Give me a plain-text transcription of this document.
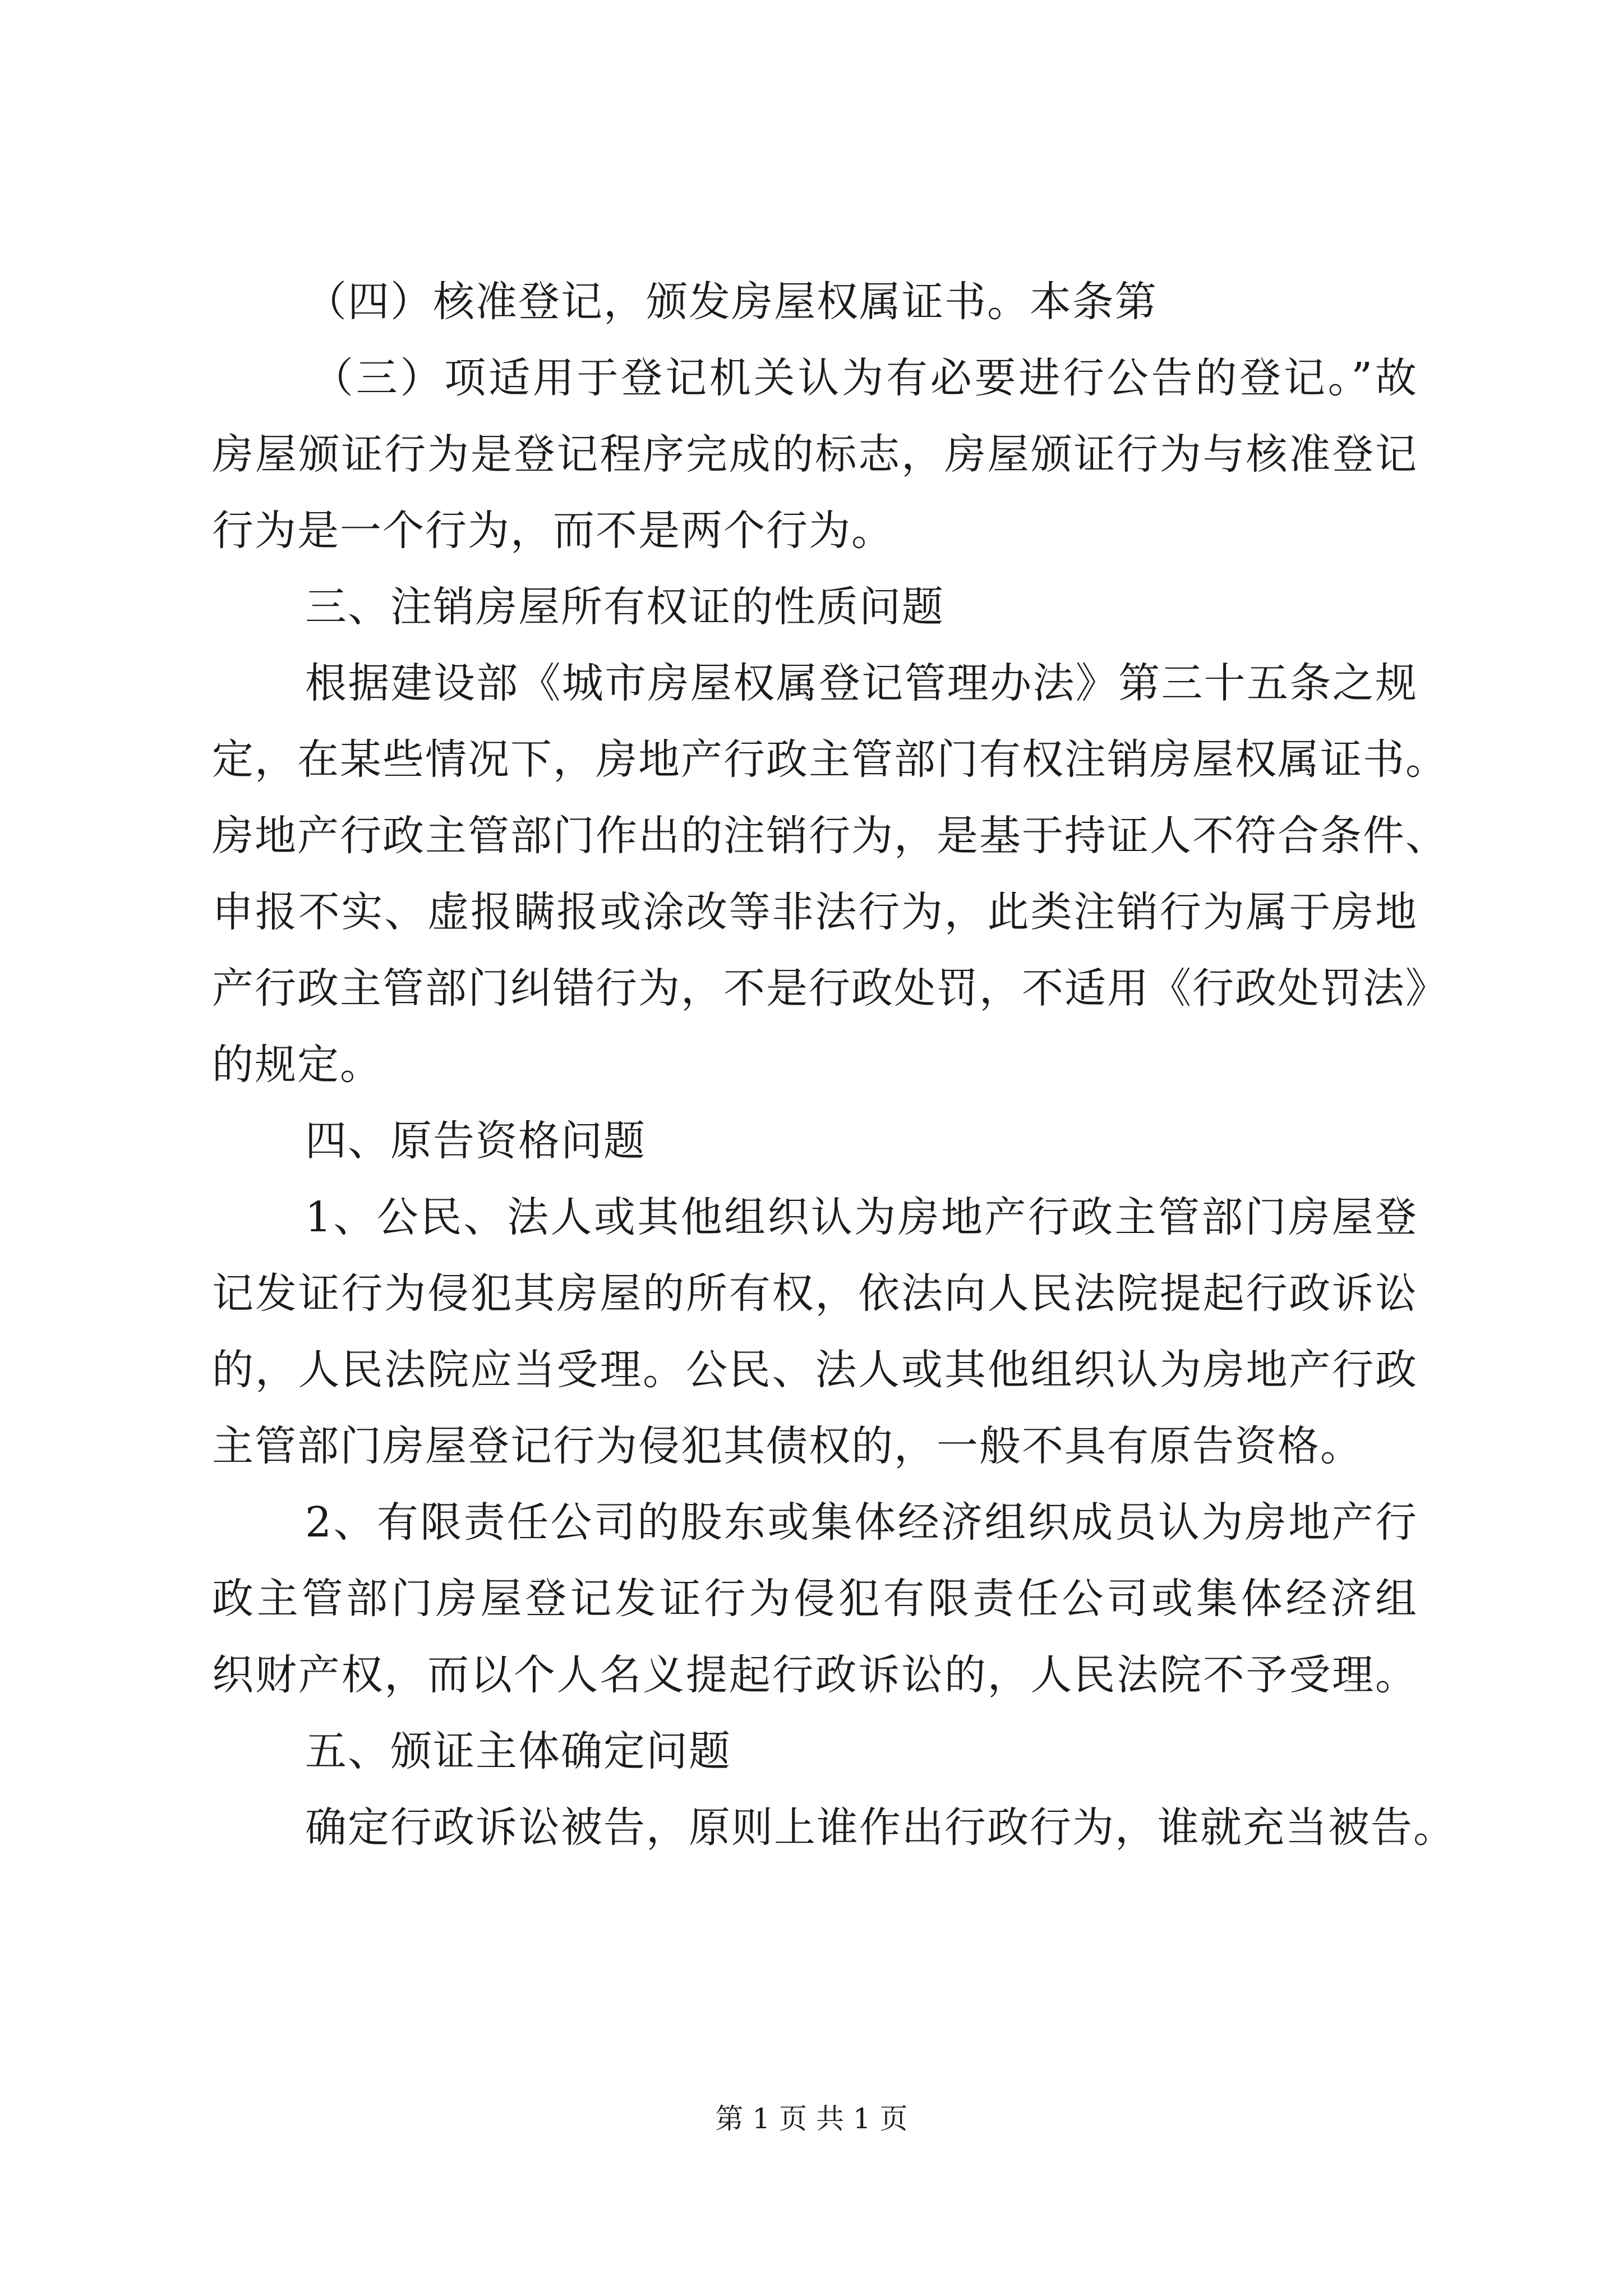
（四）核准登记，颁发房屋权属证书。本条第
（三）项适用于登记机关认为有必要进行公告的登记。”故
房屋颁证行为是登记程序完成的标志，房屋颁证行为与核准登记
行为是一个行为，而不是两个行为。
三、注销房屋所有权证的性质问题
根据建设部《城市房屋权属登记管理办法》第三十五条之规
定，在某些情况下，房地产行政主管部门有权注销房屋权属证书。
房地产行政主管部门作出的注销行为，是基于持证人不符合条件、
申报不实、虚报瞒报或涂改等非法行为，此类注销行为属于房地
产行政主管部门纠错行为，不是行政处罚，不适用《行政处罚法》
的规定。
四、原告资格问题
1、公民、法人或其他组织认为房地产行政主管部门房屋登
记发证行为侵犯其房屋的所有权，依法向人民法院提起行政诉讼
的，人民法院应当受理。公民、法人或其他组织认为房地产行政
主管部门房屋登记行为侵犯其债权的，一般不具有原告资格。
2、有限责任公司的股东或集体经济组织成员认为房地产行
政主管部门房屋登记发证行为侵犯有限责任公司或集体经济组
织财产权，而以个人名义提起行政诉讼的，人民法院不予受理。
五、颁证主体确定问题
确定行政诉讼被告，原则上谁作出行政行为，谁就充当被告。
第 1 页 共 1 页
